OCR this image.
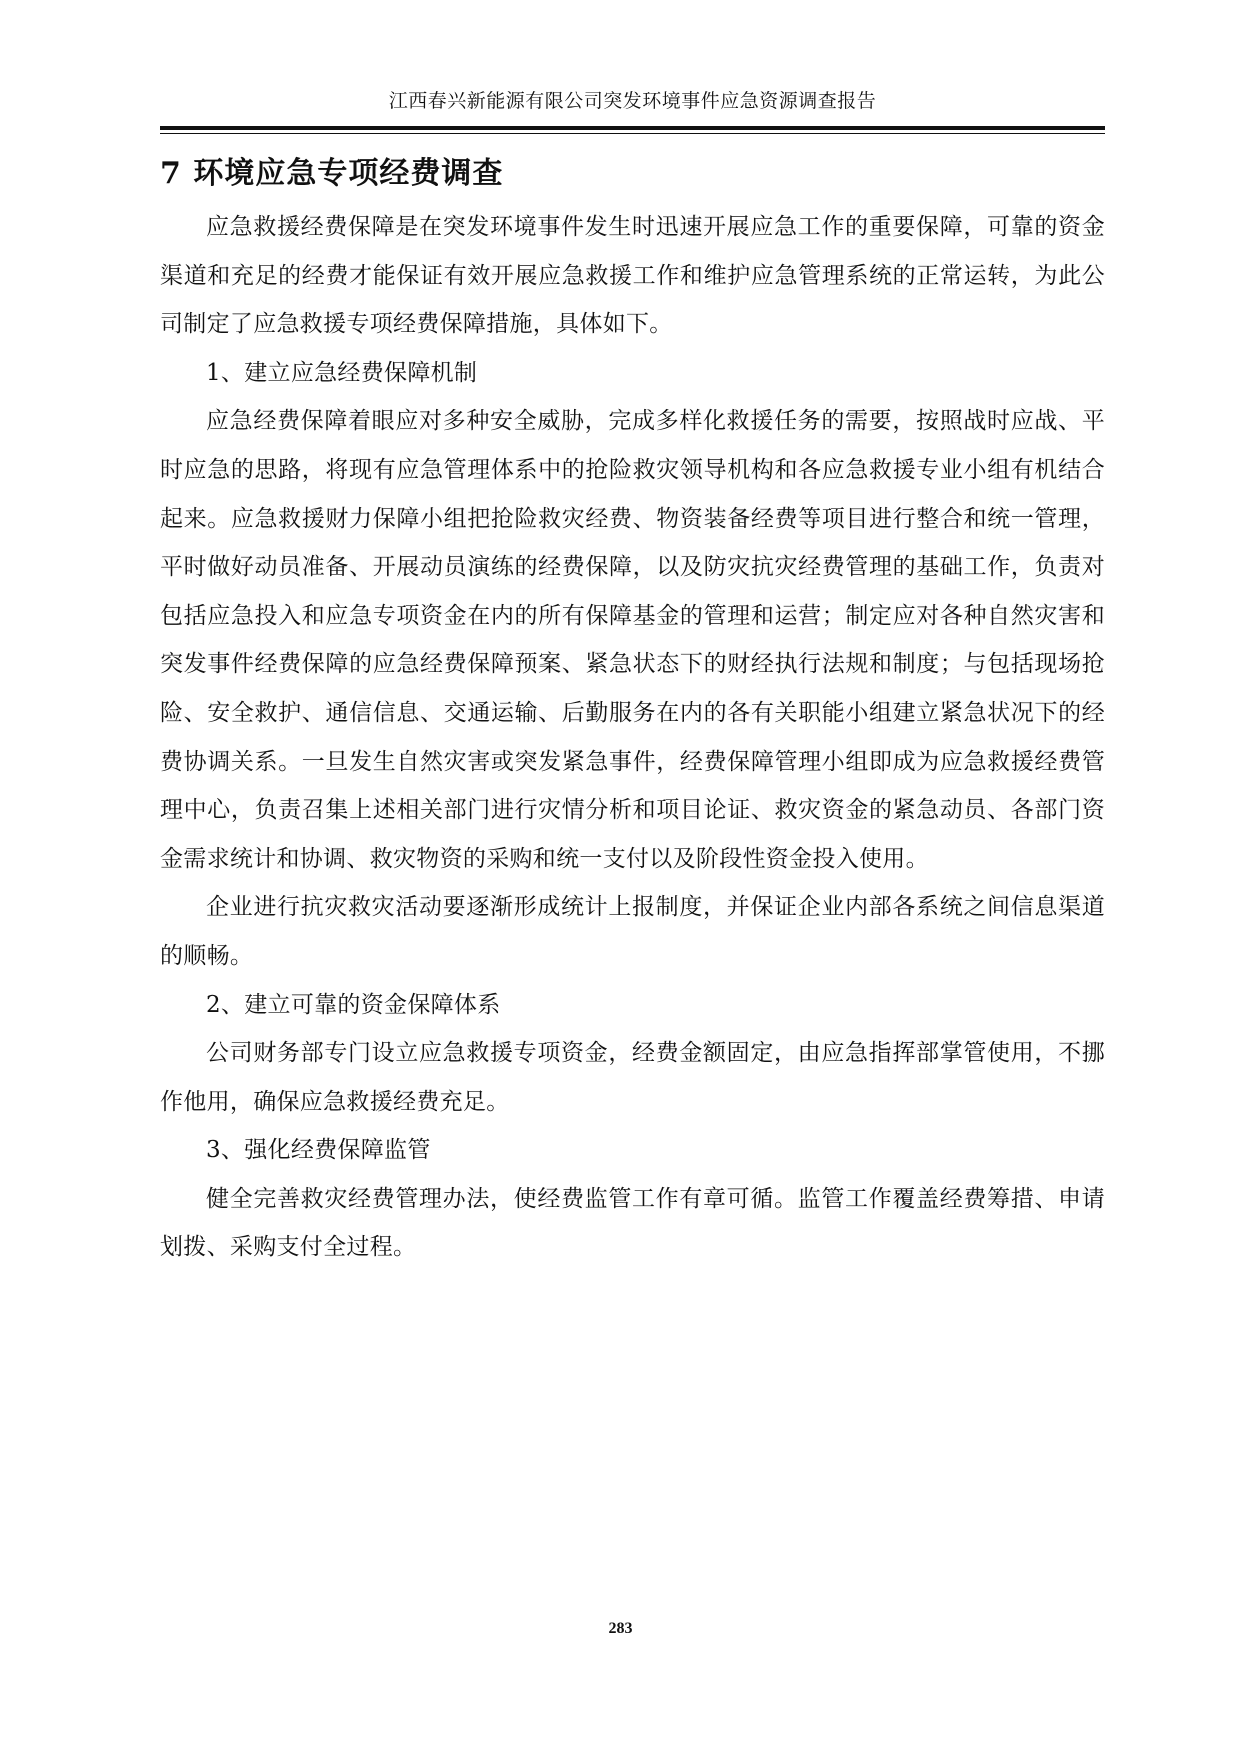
江西春兴新能源有限公司突发环境事件应急资源调查报告
7 环境应急专项经费调查

应急救援经费保障是在突发环境事件发生时迅速开展应急工作的重要保障，可靠的资金渠道和充足的经费才能保证有效开展应急救援工作和维护应急管理系统的正常运转，为此公司制定了应急救援专项经费保障措施，具体如下。

1、建立应急经费保障机制

应急经费保障着眼应对多种安全威胁，完成多样化救援任务的需要，按照战时应战、平时应急的思路，将现有应急管理体系中的抢险救灾领导机构和各应急救援专业小组有机结合起来。应急救援财力保障小组把抢险救灾经费、物资装备经费等项目进行整合和统一管理，平时做好动员准备、开展动员演练的经费保障，以及防灾抗灾经费管理的基础工作，负责对包括应急投入和应急专项资金在内的所有保障基金的管理和运营；制定应对各种自然灾害和突发事件经费保障的应急经费保障预案、紧急状态下的财经执行法规和制度；与包括现场抢险、安全救护、通信信息、交通运输、后勤服务在内的各有关职能小组建立紧急状况下的经费协调关系。一旦发生自然灾害或突发紧急事件，经费保障管理小组即成为应急救援经费管理中心，负责召集上述相关部门进行灾情分析和项目论证、救灾资金的紧急动员、各部门资金需求统计和协调、救灾物资的采购和统一支付以及阶段性资金投入使用。

企业进行抗灾救灾活动要逐渐形成统计上报制度，并保证企业内部各系统之间信息渠道的顺畅。

2、建立可靠的资金保障体系

公司财务部专门设立应急救援专项资金，经费金额固定，由应急指挥部掌管使用，不挪作他用，确保应急救援经费充足。

3、强化经费保障监管

健全完善救灾经费管理办法，使经费监管工作有章可循。监管工作覆盖经费筹措、申请划拨、采购支付全过程。

283
